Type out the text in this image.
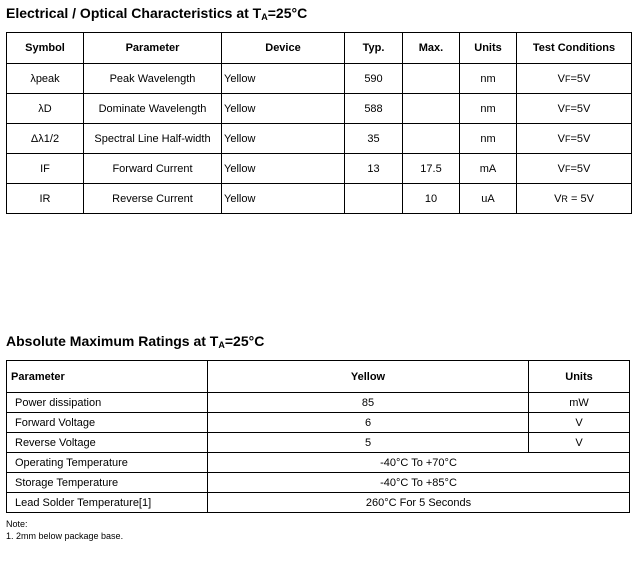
Electrical / Optical Characteristics at $T_A=25^\circ C$
Symbol	Parameter	Device	Typ.	Max.	Units	Test Conditions
λpeak	Peak Wavelength	Yellow	590		nm	VF=5V
λD	Dominate Wavelength	Yellow	588		nm	VF=5V
Δλ1/2	Spectral Line Half-width	Yellow	35		nm	VF=5V
IF	Forward Current	Yellow	13	17.5	mA	VF=5V
IR	Reverse Current	Yellow		10	uA	VR = 5V
Absolute Maximum Ratings at $T_A=25^\circ C$
Parameter	Yellow	Units
Power dissipation	85	mW
Forward Voltage	6	V
Reverse Voltage	5	V
Operating Temperature	-40°C To +70°C	
Storage Temperature	-40°C To +85°C	
Lead Solder Temperature[1]	260°C For 5 Seconds	
Note:
1. 2mm below package base.
